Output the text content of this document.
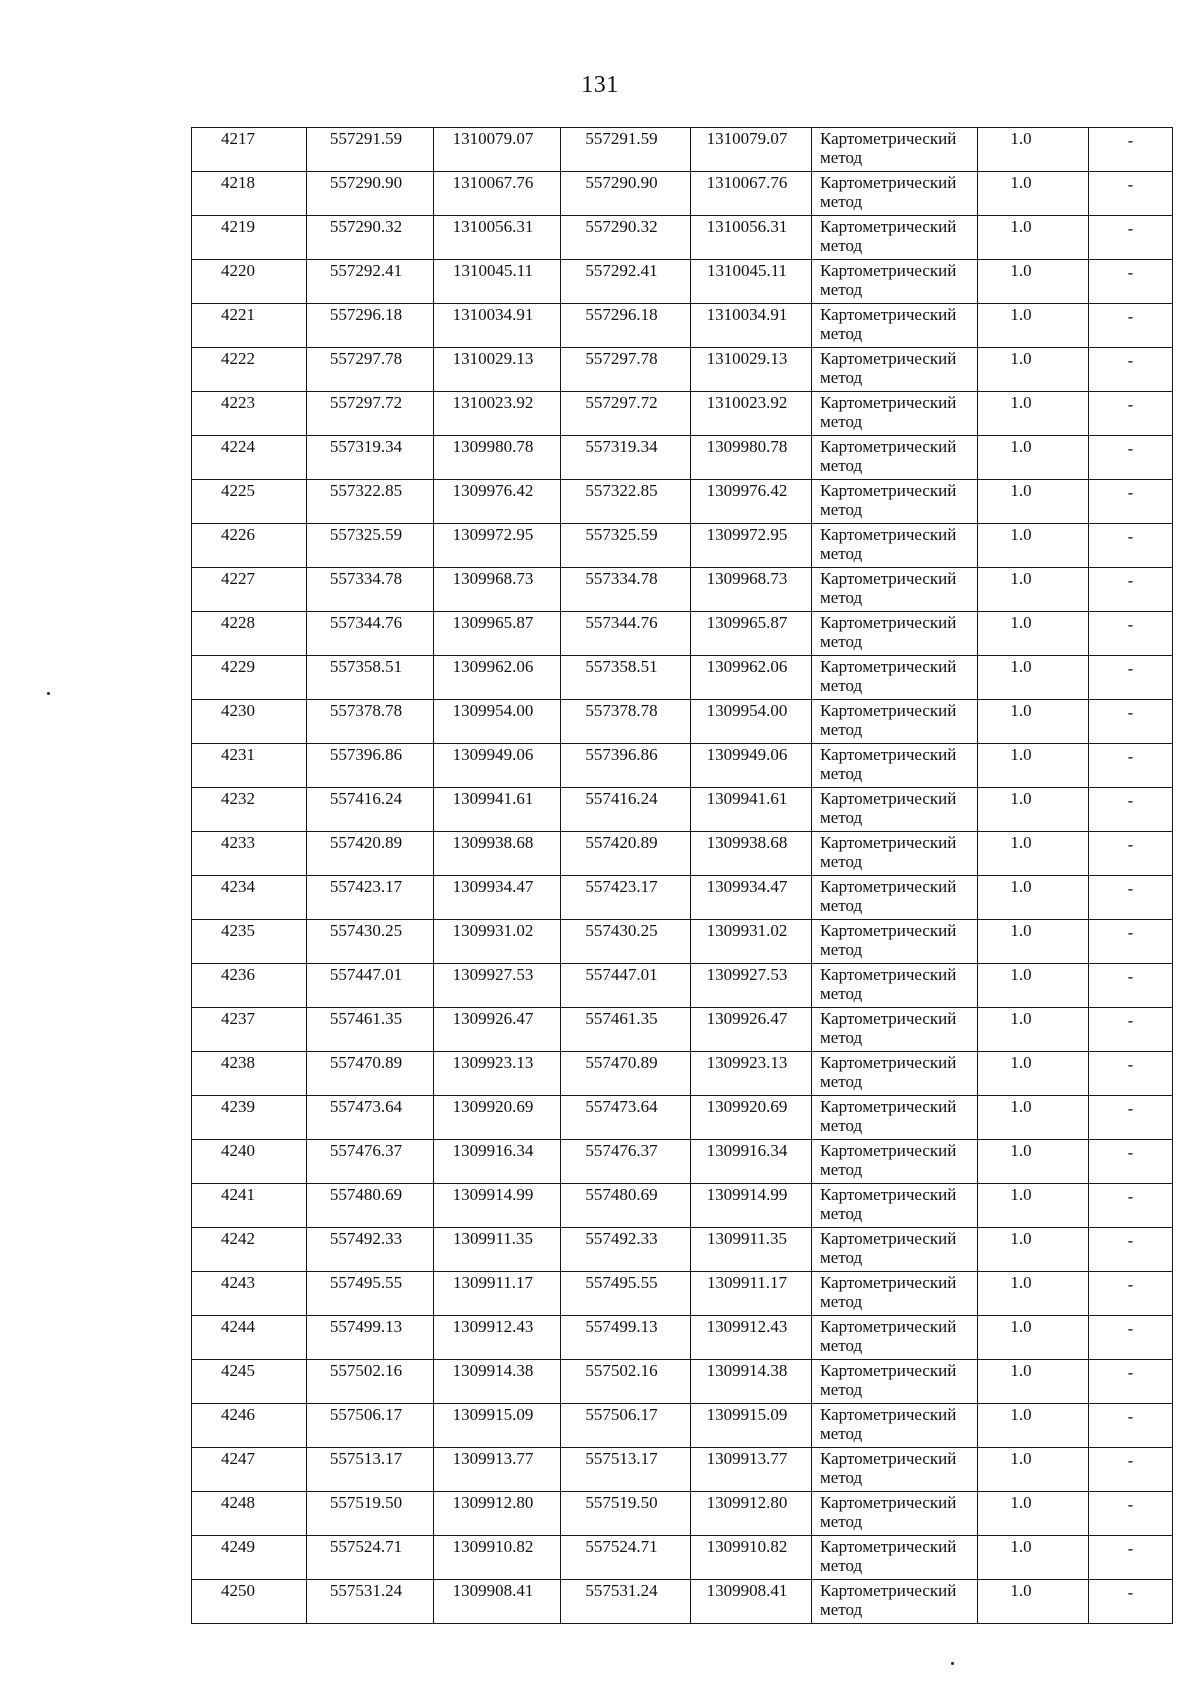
131
4217	557291.59	1310079.07	557291.59	1310079.07	Картометрический
метод	1.0	-
4218	557290.90	1310067.76	557290.90	1310067.76	Картометрический
метод	1.0	-
4219	557290.32	1310056.31	557290.32	1310056.31	Картометрический
метод	1.0	-
4220	557292.41	1310045.11	557292.41	1310045.11	Картометрический
метод	1.0	-
4221	557296.18	1310034.91	557296.18	1310034.91	Картометрический
метод	1.0	-
4222	557297.78	1310029.13	557297.78	1310029.13	Картометрический
метод	1.0	-
4223	557297.72	1310023.92	557297.72	1310023.92	Картометрический
метод	1.0	-
4224	557319.34	1309980.78	557319.34	1309980.78	Картометрический
метод	1.0	-
4225	557322.85	1309976.42	557322.85	1309976.42	Картометрический
метод	1.0	-
4226	557325.59	1309972.95	557325.59	1309972.95	Картометрический
метод	1.0	-
4227	557334.78	1309968.73	557334.78	1309968.73	Картометрический
метод	1.0	-
4228	557344.76	1309965.87	557344.76	1309965.87	Картометрический
метод	1.0	-
4229	557358.51	1309962.06	557358.51	1309962.06	Картометрический
метод	1.0	-
4230	557378.78	1309954.00	557378.78	1309954.00	Картометрический
метод	1.0	-
4231	557396.86	1309949.06	557396.86	1309949.06	Картометрический
метод	1.0	-
4232	557416.24	1309941.61	557416.24	1309941.61	Картометрический
метод	1.0	-
4233	557420.89	1309938.68	557420.89	1309938.68	Картометрический
метод	1.0	-
4234	557423.17	1309934.47	557423.17	1309934.47	Картометрический
метод	1.0	-
4235	557430.25	1309931.02	557430.25	1309931.02	Картометрический
метод	1.0	-
4236	557447.01	1309927.53	557447.01	1309927.53	Картометрический
метод	1.0	-
4237	557461.35	1309926.47	557461.35	1309926.47	Картометрический
метод	1.0	-
4238	557470.89	1309923.13	557470.89	1309923.13	Картометрический
метод	1.0	-
4239	557473.64	1309920.69	557473.64	1309920.69	Картометрический
метод	1.0	-
4240	557476.37	1309916.34	557476.37	1309916.34	Картометрический
метод	1.0	-
4241	557480.69	1309914.99	557480.69	1309914.99	Картометрический
метод	1.0	-
4242	557492.33	1309911.35	557492.33	1309911.35	Картометрический
метод	1.0	-
4243	557495.55	1309911.17	557495.55	1309911.17	Картометрический
метод	1.0	-
4244	557499.13	1309912.43	557499.13	1309912.43	Картометрический
метод	1.0	-
4245	557502.16	1309914.38	557502.16	1309914.38	Картометрический
метод	1.0	-
4246	557506.17	1309915.09	557506.17	1309915.09	Картометрический
метод	1.0	-
4247	557513.17	1309913.77	557513.17	1309913.77	Картометрический
метод	1.0	-
4248	557519.50	1309912.80	557519.50	1309912.80	Картометрический
метод	1.0	-
4249	557524.71	1309910.82	557524.71	1309910.82	Картометрический
метод	1.0	-
4250	557531.24	1309908.41	557531.24	1309908.41	Картометрический
метод	1.0	-
